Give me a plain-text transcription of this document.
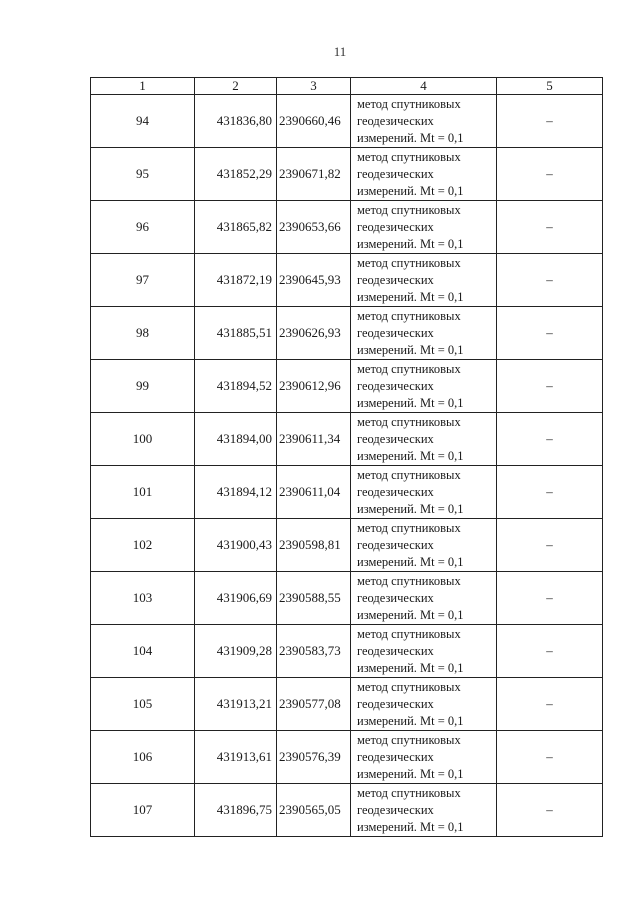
11
1	2	3	4	5
94	431836,80	2390660,46	метод спутниковых
геодезических
измерений. Mt = 0,1	–
95	431852,29	2390671,82	метод спутниковых
геодезических
измерений. Mt = 0,1	–
96	431865,82	2390653,66	метод спутниковых
геодезических
измерений. Mt = 0,1	–
97	431872,19	2390645,93	метод спутниковых
геодезических
измерений. Mt = 0,1	–
98	431885,51	2390626,93	метод спутниковых
геодезических
измерений. Mt = 0,1	–
99	431894,52	2390612,96	метод спутниковых
геодезических
измерений. Mt = 0,1	–
100	431894,00	2390611,34	метод спутниковых
геодезических
измерений. Mt = 0,1	–
101	431894,12	2390611,04	метод спутниковых
геодезических
измерений. Mt = 0,1	–
102	431900,43	2390598,81	метод спутниковых
геодезических
измерений. Mt = 0,1	–
103	431906,69	2390588,55	метод спутниковых
геодезических
измерений. Mt = 0,1	–
104	431909,28	2390583,73	метод спутниковых
геодезических
измерений. Mt = 0,1	–
105	431913,21	2390577,08	метод спутниковых
геодезических
измерений. Mt = 0,1	–
106	431913,61	2390576,39	метод спутниковых
геодезических
измерений. Mt = 0,1	–
107	431896,75	2390565,05	метод спутниковых
геодезических
измерений. Mt = 0,1	–
